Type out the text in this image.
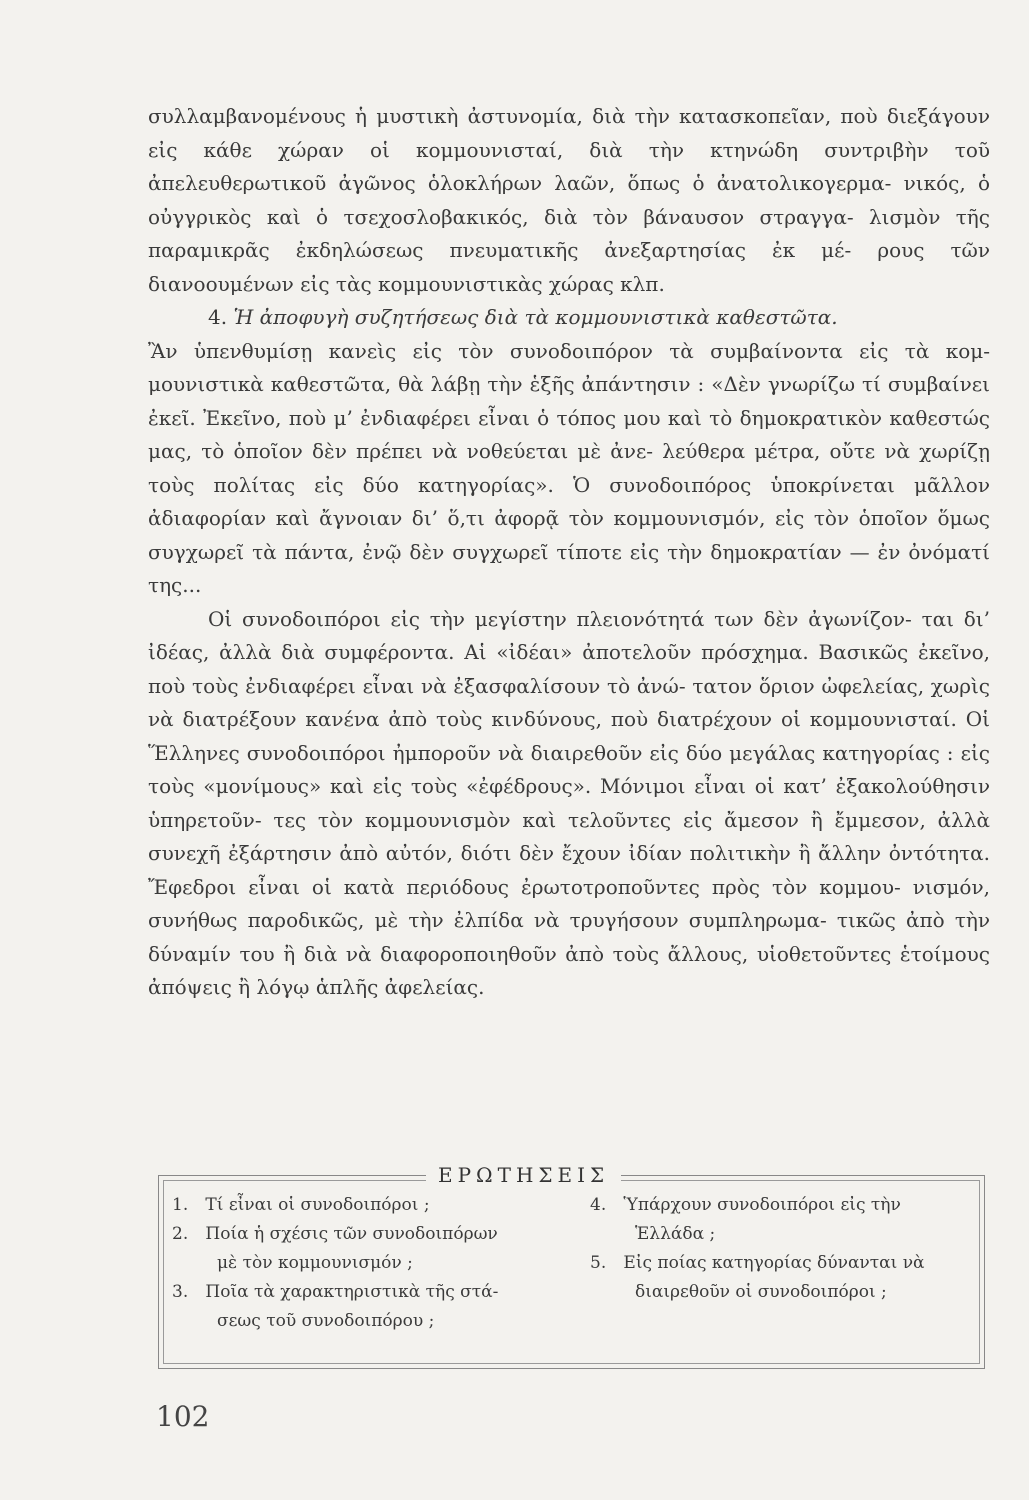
συλλαμβανομένους ἡ μυστικὴ ἀστυνομία, διὰ τὴν κατασκοπεῖαν, ποὺ διεξάγουν εἰς κάθε χώραν οἱ κομμουνισταί, διὰ τὴν κτηνώδη συντριβὴν τοῦ ἀπελευθερωτικοῦ ἀγῶνος ὁλοκλήρων λαῶν, ὅπως ὁ ἀνατολικογερμα- νικός, ὁ οὐγγρικὸς καὶ ὁ τσεχοσλοβακικός, διὰ τὸν βάναυσον στραγγα- λισμὸν τῆς παραμικρᾶς ἐκδηλώσεως πνευματικῆς ἀνεξαρτησίας ἐκ μέ- ρους τῶν διανοουμένων εἰς τὰς κομμουνιστικὰς χώρας κλπ.

4. Ἡ ἀποφυγὴ συζητήσεως διὰ τὰ κομμουνιστικὰ καθεστῶτα.

Ἂν ὑπενθυμίσῃ κανεὶς εἰς τὸν συνοδοιπόρον τὰ συμβαίνοντα εἰς τὰ κομ- μουνιστικὰ καθεστῶτα, θὰ λάβῃ τὴν ἑξῆς ἀπάντησιν : «Δὲν γνωρίζω τί συμβαίνει ἐκεῖ. Ἐκεῖνο, ποὺ μ’ ἐνδιαφέρει εἶναι ὁ τόπος μου καὶ τὸ δημοκρατικὸν καθεστώς μας, τὸ ὁποῖον δὲν πρέπει νὰ νοθεύεται μὲ ἀνε- λεύθερα μέτρα, οὔτε νὰ χωρίζῃ τοὺς πολίτας εἰς δύο κατηγορίας». Ὁ συνοδοιπόρος ὑποκρίνεται μᾶλλον ἀδιαφορίαν καὶ ἄγνοιαν δι’ ὅ,τι ἀφορᾷ τὸν κομμουνισμόν, εἰς τὸν ὁποῖον ὅμως συγχωρεῖ τὰ πάντα, ἐνῷ δὲν συγχωρεῖ τίποτε εἰς τὴν δημοκρατίαν — ἐν ὀνόματί της...

Οἱ συνοδοιπόροι εἰς τὴν μεγίστην πλειονότητά των δὲν ἀγωνίζον- ται δι’ ἰδέας, ἀλλὰ διὰ συμφέροντα. Αἱ «ἰδέαι» ἀποτελοῦν πρόσχημα. Βασικῶς ἐκεῖνο, ποὺ τοὺς ἐνδιαφέρει εἶναι νὰ ἐξασφαλίσουν τὸ ἀνώ- τατον ὅριον ὠφελείας, χωρὶς νὰ διατρέξουν κανένα ἀπὸ τοὺς κινδύνους, ποὺ διατρέχουν οἱ κομμουνισταί. Οἱ Ἕλληνες συνοδοιπόροι ἠμποροῦν νὰ διαιρεθοῦν εἰς δύο μεγάλας κατηγορίας : εἰς τοὺς «μονίμους» καὶ εἰς τοὺς «ἐφέδρους». Μόνιμοι εἶναι οἱ κατ’ ἐξακολούθησιν ὑπηρετοῦν- τες τὸν κομμουνισμὸν καὶ τελοῦντες εἰς ἄμεσον ἢ ἔμμεσον, ἀλλὰ συνεχῆ ἐξάρτησιν ἀπὸ αὐτόν, διότι δὲν ἔχουν ἰδίαν πολιτικὴν ἢ ἄλλην ὀντότητα. Ἔφεδροι εἶναι οἱ κατὰ περιόδους ἐρωτοτροποῦντες πρὸς τὸν κομμου- νισμόν, συνήθως παροδικῶς, μὲ τὴν ἐλπίδα νὰ τρυγήσουν συμπληρωμα- τικῶς ἀπὸ τὴν δύναμίν του ἢ διὰ νὰ διαφοροποιηθοῦν ἀπὸ τοὺς ἄλλους, υἱοθετοῦντες ἑτοίμους ἀπόψεις ἢ λόγῳ ἁπλῆς ἀφελείας.

ΕΡΩΤΗΣΕΙΣ
1. Τί εἶναι οἱ συνοδοιπόροι ;
2. Ποία ἡ σχέσις τῶν συνοδοιπόρων
μὲ τὸν κομμουνισμόν ;
3. Ποῖα τὰ χαρακτηριστικὰ τῆς στά-
σεως τοῦ συνοδοιπόρου ;
4. Ὑπάρχουν συνοδοιπόροι εἰς τὴν
Ἑλλάδα ;
5. Εἰς ποίας κατηγορίας δύνανται νὰ
διαιρεθοῦν οἱ συνοδοιπόροι ;
102
